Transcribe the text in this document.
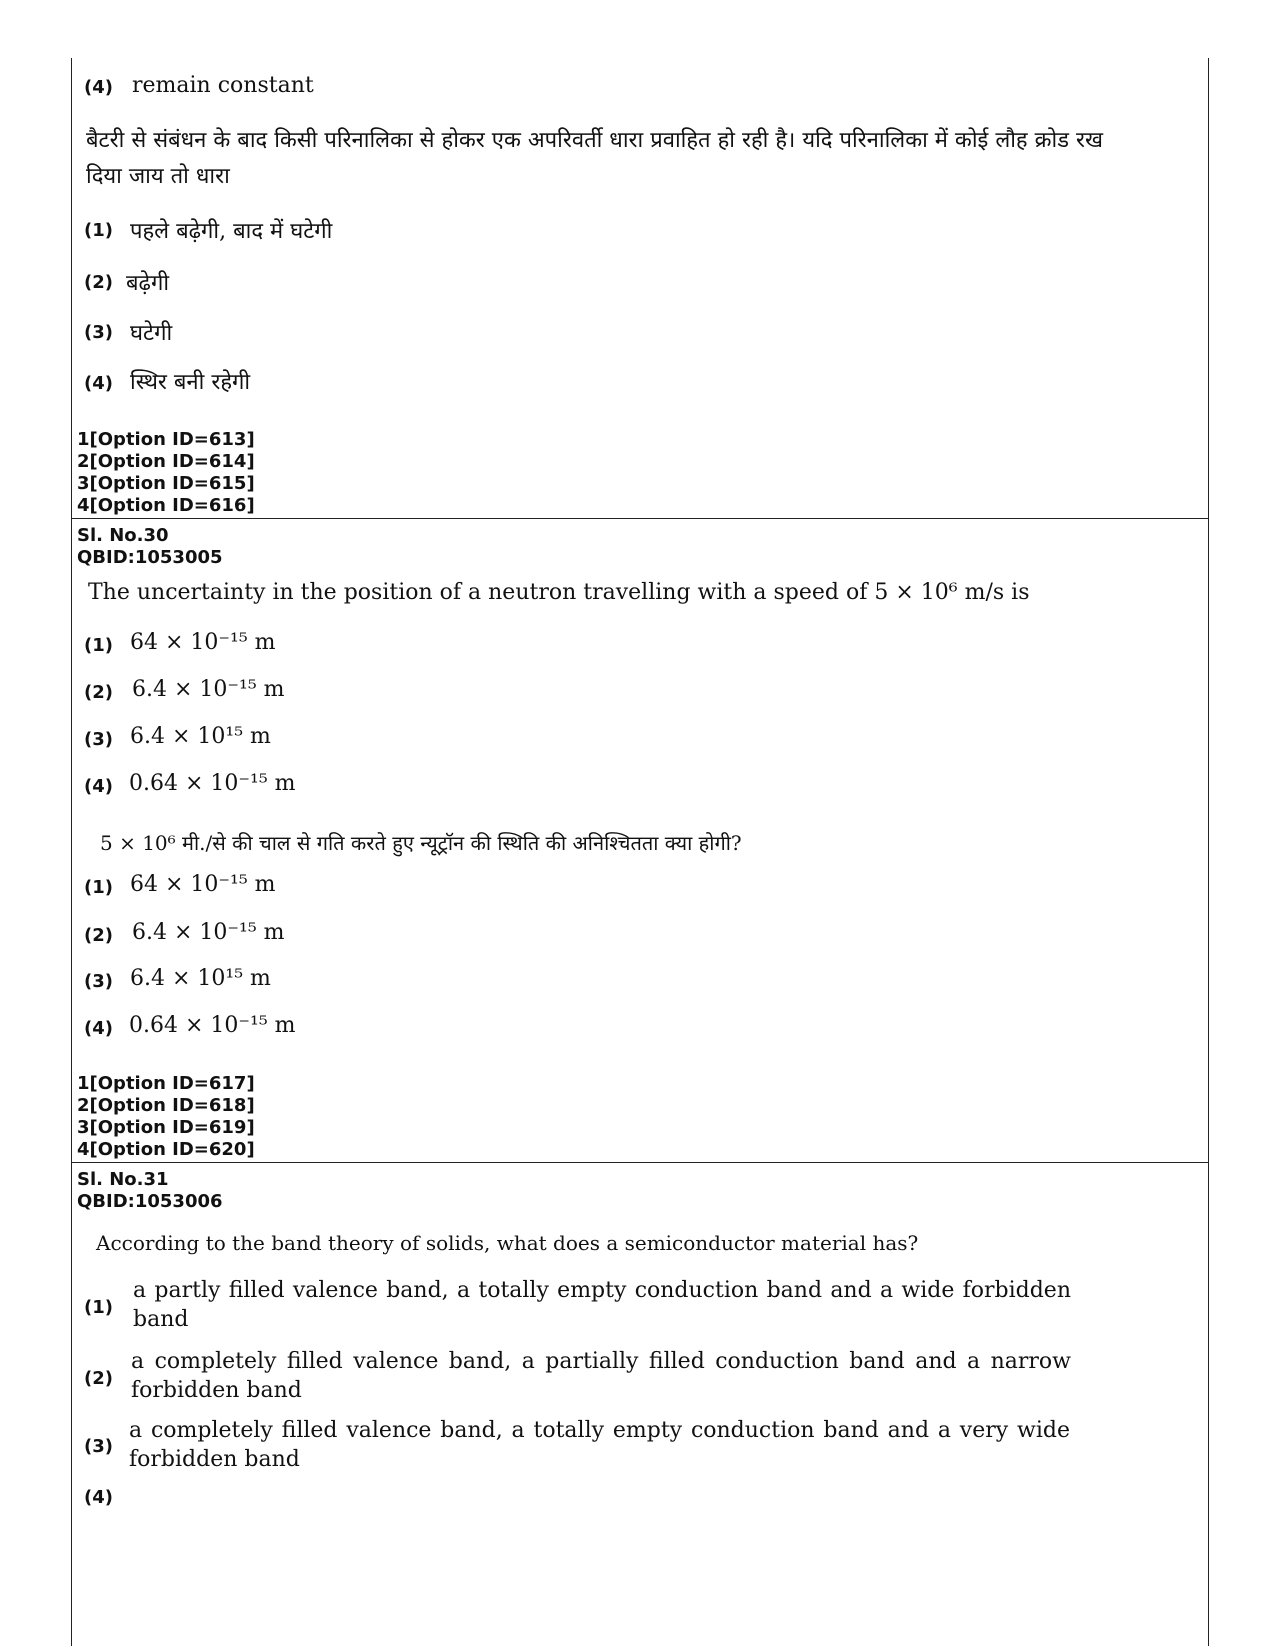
(4) remain constant
बैटरी से संबंधन के बाद किसी परिनालिका से होकर एक अपरिवर्ती धारा प्रवाहित हो रही है। यदि परिनालिका में कोई लौह क्रोड रख
दिया जाय तो धारा
(1) पहले बढ़ेगी, बाद में घटेगी
(2) बढ़ेगी
(3) घटेगी
(4) स्थिर बनी रहेगी
1[Option ID=613]
2[Option ID=614]
3[Option ID=615]
4[Option ID=616]
Sl. No.30
QBID:1053005
The uncertainty in the position of a neutron travelling with a speed of 5 × 10⁶ m/s is
(1) 64 × 10⁻¹⁵ m
(2) 6.4 × 10⁻¹⁵ m
(3) 6.4 × 10¹⁵ m
(4) 0.64 × 10⁻¹⁵ m
5 × 10⁶ मी./से की चाल से गति करते हुए न्यूट्रॉन की स्थिति की अनिश्चितता क्या होगी?
(1) 64 × 10⁻¹⁵ m
(2) 6.4 × 10⁻¹⁵ m
(3) 6.4 × 10¹⁵ m
(4) 0.64 × 10⁻¹⁵ m
1[Option ID=617]
2[Option ID=618]
3[Option ID=619]
4[Option ID=620]
Sl. No.31
QBID:1053006
According to the band theory of solids, what does a semiconductor material has?
(1)
a partly filled valence band, a totally empty conduction band and a wide forbidden band
(2)
a completely filled valence band, a partially filled conduction band and a narrow forbidden band
(3)
a completely filled valence band, a totally empty conduction band and a very wide forbidden band
(4)
